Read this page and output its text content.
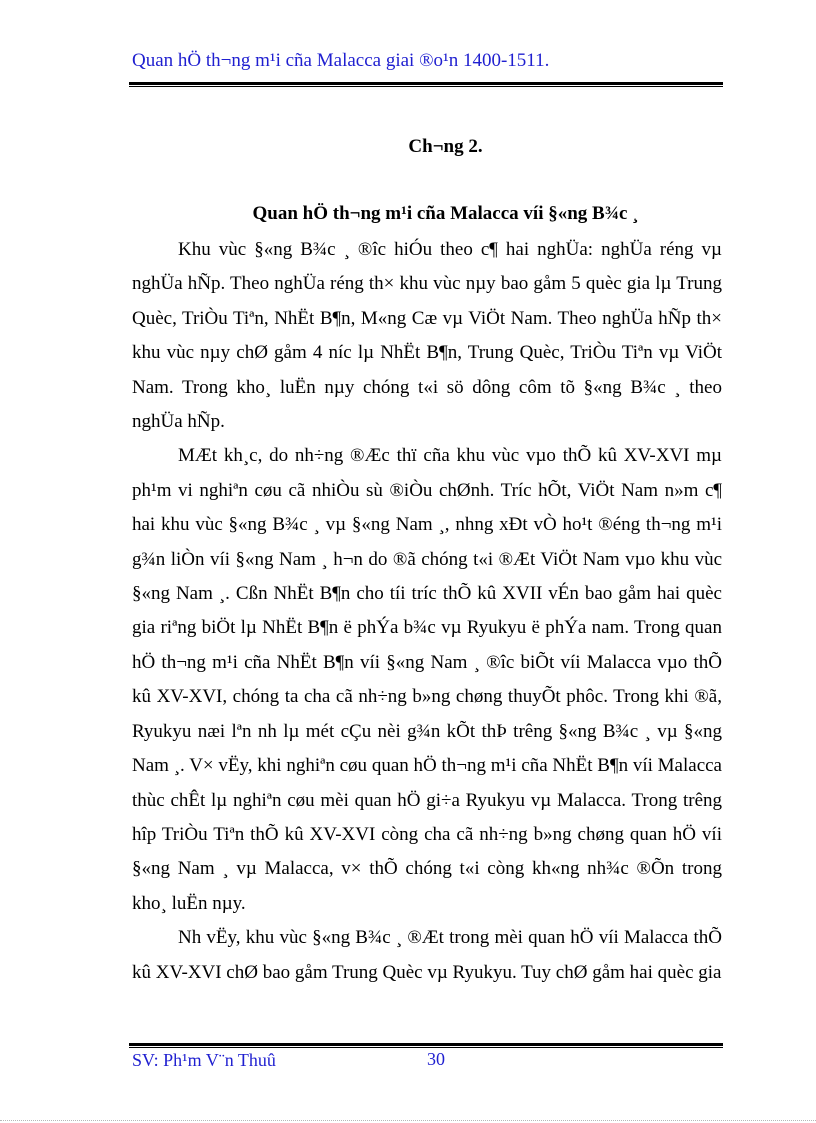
Quan hÖ th¬ng m¹i cña Malacca giai ®o¹n 1400-1511.
Ch¬ng 2.
Quan hÖ th¬ng m¹i cña Malacca víi §«ng B¾c ¸

Khu vùc §«ng B¾c ¸ ®îc hiÓu theo c¶ hai nghÜa: nghÜa réng vµ nghÜa hÑp. Theo nghÜa réng th× khu vùc nµy bao gåm 5 quèc gia lµ Trung Quèc, TriÒu Tiªn, NhËt B¶n, M«ng Cæ vµ ViÖt Nam. Theo nghÜa hÑp th× khu vùc nµy chØ gåm 4 níc lµ NhËt B¶n, Trung Quèc, TriÒu Tiªn vµ ViÖt Nam. Trong kho¸ luËn nµy chóng t«i sö dông côm tõ §«ng B¾c ¸ theo nghÜa hÑp.

MÆt kh¸c, do nh÷ng ®Æc thï cña khu vùc vµo thÕ kû XV-XVI mµ ph¹m vi nghiªn cøu cã nhiÒu sù ®iÒu chØnh. Tríc hÕt, ViÖt Nam n»m c¶ hai khu vùc §«ng B¾c ¸ vµ §«ng Nam ¸, nhng xÐt vÒ ho¹t ®éng th¬ng m¹i g¾n liÒn víi §«ng Nam ¸ h¬n do ®ã chóng t«i ®Æt ViÖt Nam vµo khu vùc §«ng Nam ¸. Cßn NhËt B¶n cho tíi tríc thÕ kû XVII vÉn bao gåm hai quèc gia riªng biÖt lµ NhËt B¶n ë phÝa b¾c vµ Ryukyu ë phÝa nam. Trong quan hÖ th¬ng m¹i cña NhËt B¶n víi §«ng Nam ¸ ®îc biÕt víi Malacca vµo thÕ kû XV-XVI, chóng ta cha cã nh÷ng b»ng chøng thuyÕt phôc. Trong khi ®ã, Ryukyu næi lªn nh lµ mét cÇu nèi g¾n kÕt thÞ trêng §«ng B¾c ¸ vµ §«ng Nam ¸. V× vËy, khi nghiªn cøu quan hÖ th¬ng m¹i cña NhËt B¶n víi Malacca thùc chÊt lµ nghiªn cøu mèi quan hÖ gi÷a Ryukyu vµ Malacca. Trong trêng hîp TriÒu Tiªn thÕ kû XV-XVI còng cha cã nh÷ng b»ng chøng quan hÖ víi §«ng Nam ¸ vµ Malacca, v× thÕ chóng t«i còng kh«ng nh¾c ®Õn trong kho¸ luËn nµy.

Nh vËy, khu vùc §«ng B¾c ¸ ®Æt trong mèi quan hÖ víi Malacca thÕ kû XV-XVI chØ bao gåm Trung Quèc vµ Ryukyu. Tuy chØ gåm hai quèc gia

SV: Ph¹m V¨n Thuû	30
